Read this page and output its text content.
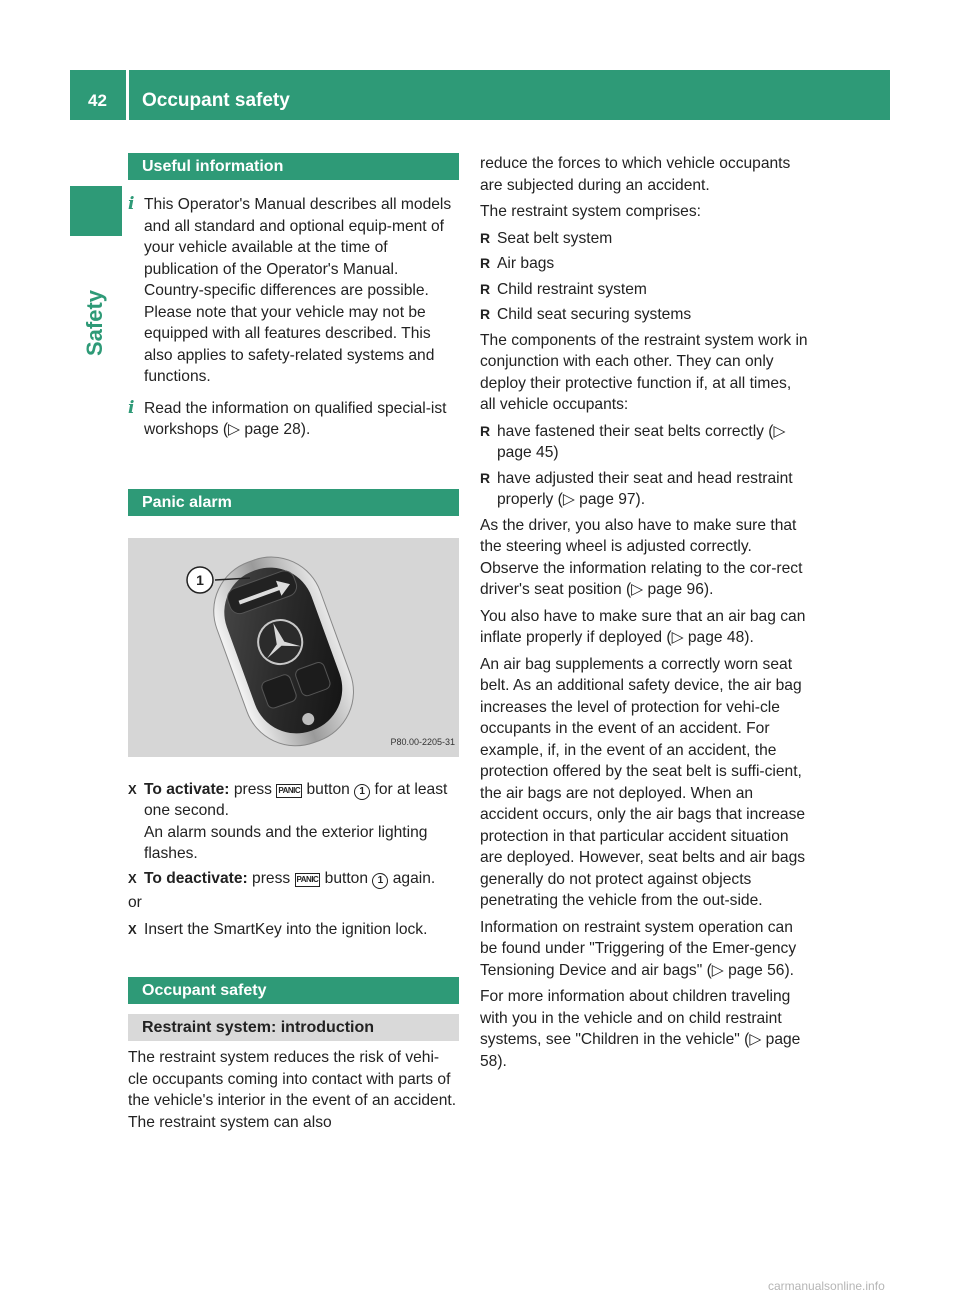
42	Occupant safety
Safety
Useful information
i This Operator's Manual describes all models and all standard and optional equip-ment of your vehicle available at the time of publication of the Operator's Manual. Country-specific differences are possible. Please note that your vehicle may not be equipped with all features described. This also applies to safety-related systems and functions.
i Read the information on qualified special-ist workshops (▷ page 28).
Panic alarm
1
P80.00-2205-31
X To activate: press PANIC button 1 for at least one second.
An alarm sounds and the exterior lighting flashes.
X To deactivate: press PANIC button 1 again.

or

X Insert the SmartKey into the ignition lock.
Occupant safety
Restraint system: introduction

The restraint system reduces the risk of vehi-cle occupants coming into contact with parts of the vehicle's interior in the event of an accident. The restraint system can also

reduce the forces to which vehicle occupants are subjected during an accident.

The restraint system comprises:

R Seat belt system
R Air bags
R Child restraint system
R Child seat securing systems

The components of the restraint system work in conjunction with each other. They can only deploy their protective function if, at all times, all vehicle occupants:

R have fastened their seat belts correctly (▷ page 45)
R have adjusted their seat and head restraint properly (▷ page 97).

As the driver, you also have to make sure that the steering wheel is adjusted correctly. Observe the information relating to the cor-rect driver's seat position (▷ page 96).

You also have to make sure that an air bag can inflate properly if deployed (▷ page 48).

An air bag supplements a correctly worn seat belt. As an additional safety device, the air bag increases the level of protection for vehi-cle occupants in the event of an accident. For example, if, in the event of an accident, the protection offered by the seat belt is suffi-cient, the air bags are not deployed. When an accident occurs, only the air bags that increase protection in that particular accident situation are deployed. However, seat belts and air bags generally do not protect against objects penetrating the vehicle from the out-side.

Information on restraint system operation can be found under "Triggering of the Emer-gency Tensioning Device and air bags" (▷ page 56).

For more information about children traveling with you in the vehicle and on child restraint systems, see "Children in the vehicle" (▷ page 58).

carmanualsonline.info
